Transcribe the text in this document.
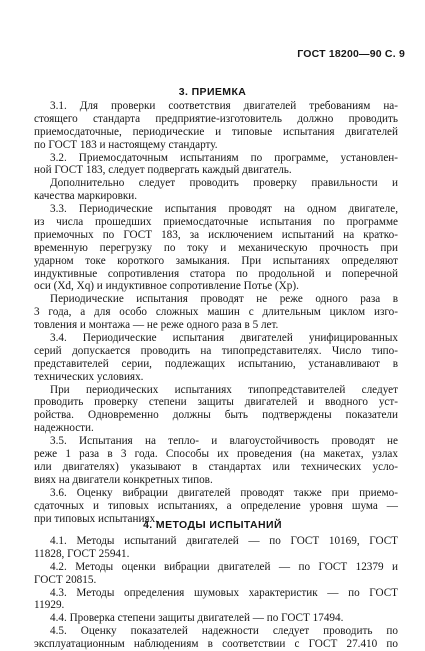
ГОСТ 18200—90 С. 9
3. ПРИЕМКА
3.1. Для проверки соответствия двигателей требованиям на-
стоящего стандарта предприятие-изготовитель должно проводить
приемосдаточные, периодические и типовые испытания двигателей
по ГОСТ 183 и настоящему стандарту.
3.2. Приемосдаточным испытаниям по программе, установлен-
ной ГОСТ 183, следует подвергать каждый двигатель.
Дополнительно следует проводить проверку правильности и
качества маркировки.
3.3. Периодические испытания проводят на одном двигателе,
из числа прошедших приемосдаточные испытания по программе
приемочных по ГОСТ 183, за исключением испытаний на кратко-
временную перегрузку по току и механическую прочность при
ударном токе короткого замыкания. При испытаниях определяют
индуктивные сопротивления статора по продольной и поперечной
оси (Xd, Xq) и индуктивное сопротивление Потье (Xp).
Периодические испытания проводят не реже одного раза в
3 года, а для особо сложных машин с длительным циклом изго-
товления и монтажа — не реже одного раза в 5 лет.
3.4. Периодические испытания двигателей унифицированных
серий допускается проводить на типопредставителях. Число типо-
представителей серии, подлежащих испытанию, устанавливают в
технических условиях.
При периодических испытаниях типопредставителей следует
проводить проверку степени защиты двигателей и вводного уст-
ройства. Одновременно должны быть подтверждены показатели
надежности.
3.5. Испытания на тепло- и влагоустойчивость проводят не
реже 1 раза в 3 года. Способы их проведения (на макетах, узлах
или двигателях) указывают в стандартах или технических усло-
виях на двигатели конкретных типов.
3.6. Оценку вибрации двигателей проводят также при приемо-
сдаточных и типовых испытаниях, а определение уровня шума —
при типовых испытаниях.
4. МЕТОДЫ ИСПЫТАНИЙ
4.1. Методы испытаний двигателей — по ГОСТ 10169, ГОСТ
11828, ГОСТ 25941.
4.2. Методы оценки вибрации двигателей — по ГОСТ 12379 и
ГОСТ 20815.
4.3. Методы определения шумовых характеристик — по ГОСТ
11929.
4.4. Проверка степени защиты двигателей — по ГОСТ 17494.
4.5. Оценку показателей надежности следует проводить по
эксплуатационным наблюдениям в соответствии с ГОСТ 27.410 по
